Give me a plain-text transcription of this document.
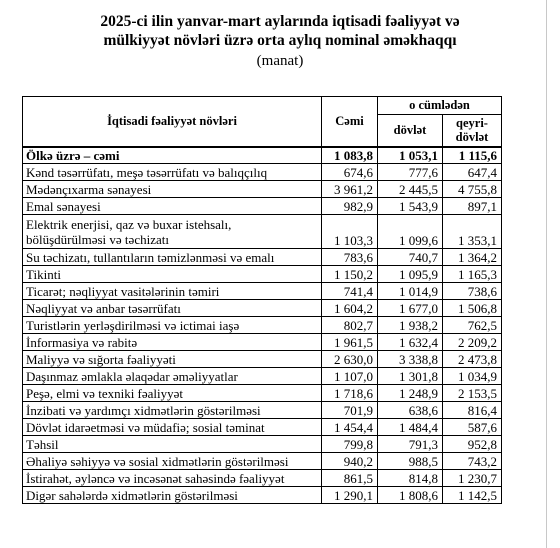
2025-ci ilin yanvar-mart aylarında iqtisadi fəaliyyət və
mülkiyyət növləri üzrə orta aylıq nominal əməkhaqqı
(manat)
İqtisadi fəaliyyət növləri	Cəmi	o cümlədən	
		dövlət	qeyri-
dövlət

Ölkə üzrə – cəmi	1 083,8	1 053,1	1 115,6
Kənd təsərrüfatı, meşə təsərrüfatı və balıqçılıq	674,6	777,6	647,4
Mədənçıxarma sənayesi	3 961,2	2 445,5	4 755,8
Emal sənayesi	982,9	1 543,9	897,1

Elektrik enerjisi, qaz və buxar istehsalı,
bölüşdürülməsi və təchizatı	1 103,3	1 099,6	1 353,1
Su təchizatı, tullantıların təmizlənməsi və emalı	783,6	740,7	1 364,2
Tikinti	1 150,2	1 095,9	1 165,3
Ticarət; nəqliyyat vasitələrinin təmiri	741,4	1 014,9	738,6
Nəqliyyat və anbar təsərrüfatı	1 604,2	1 677,0	1 506,8
Turistlərin yerləşdirilməsi və ictimai iaşə	802,7	1 938,2	762,5
İnformasiya və rabitə	1 961,5	1 632,4	2 209,2
Maliyyə və sığorta fəaliyyəti	2 630,0	3 338,8	2 473,8
Daşınmaz əmlakla əlaqədar əməliyyatlar	1 107,0	1 301,8	1 034,9
Peşə, elmi və texniki fəaliyyət	1 718,6	1 248,9	2 153,5
İnzibati və yardımçı xidmətlərin göstərilməsi	701,9	638,6	816,4
Dövlət idarəetməsi və müdafiə; sosial təminat	1 454,4	1 484,4	587,6
Təhsil	799,8	791,3	952,8
Əhaliyə səhiyyə və sosial xidmətlərin göstərilməsi	940,2	988,5	743,2
İstirahət, əyləncə və incəsənət sahəsində fəaliyyət	861,5	814,8	1 230,7
Digər sahələrdə xidmətlərin göstərilməsi	1 290,1	1 808,6	1 142,5
